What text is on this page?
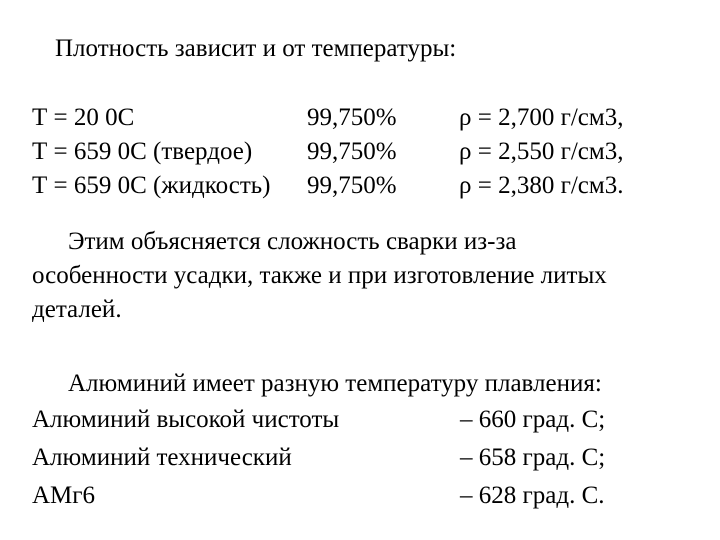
Плотность зависит и от температуры:
Т = 20 0С	99,750% ρ = 2,700 г/см3,
Т = 659 0С (твердое) 99,750% ρ = 2,550 г/см3,
Т = 659 0С (жидкость) 99,750% ρ = 2,380 г/см3.
Этим объясняется сложность сварки из-за
особенности усадки, также и при изготовление литых
деталей.
Алюминий имеет разную температуру плавления:
Алюминий высокой чистоты	– 660 град. С;
Алюминий технический	– 658 град. С;
АМг6	– 628 град. С.
